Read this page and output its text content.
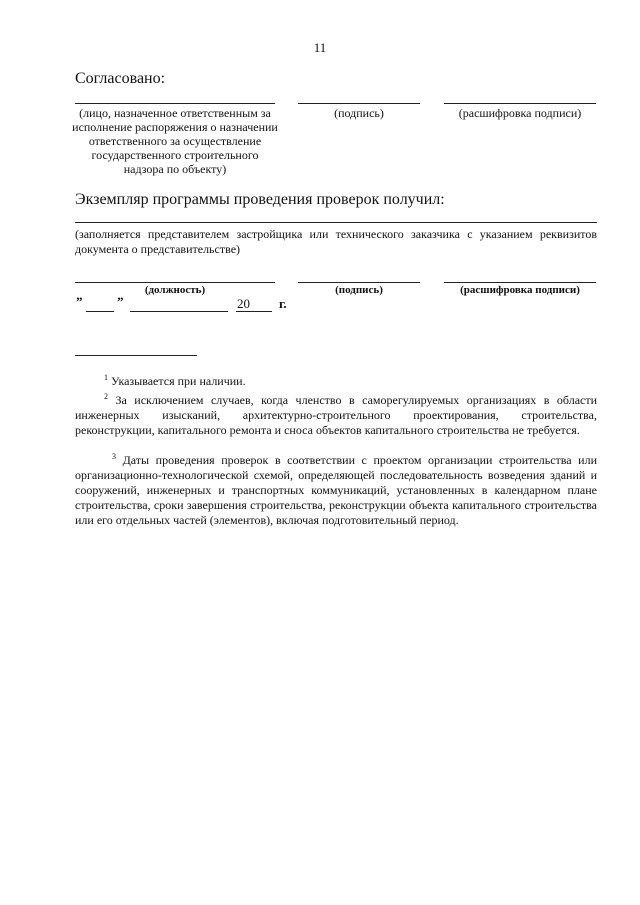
11
Согласовано:
(лицо, назначенное ответственным за исполнение распоряжения о назначении ответственного за осуществление государственного строительного надзора по объекту)
(подпись)	(расшифровка подписи)
Экземпляр программы проведения проверок получил:
(заполняется представителем застройщика или технического заказчика с указанием реквизитов документа о представительстве)
(должность)	(подпись)	(расшифровка подписи)
”	”	20 г.
$^1$ Указывается при наличии.
$^2$ За исключением случаев, когда членство в саморегулируемых организациях в области инженерных изысканий, архитектурно-строительного проектирования, строительства, реконструкции, капитального ремонта и сноса объектов капитального строительства не требуется.
$^3$ Даты проведения проверок в соответствии с проектом организации строительства или организационно-технологической схемой, определяющей последовательность возведения зданий и сооружений, инженерных и транспортных коммуникаций, установленных в календарном плане строительства, сроки завершения строительства, реконструкции объекта капитального строительства или его отдельных частей (элементов), включая подготовительный период.
